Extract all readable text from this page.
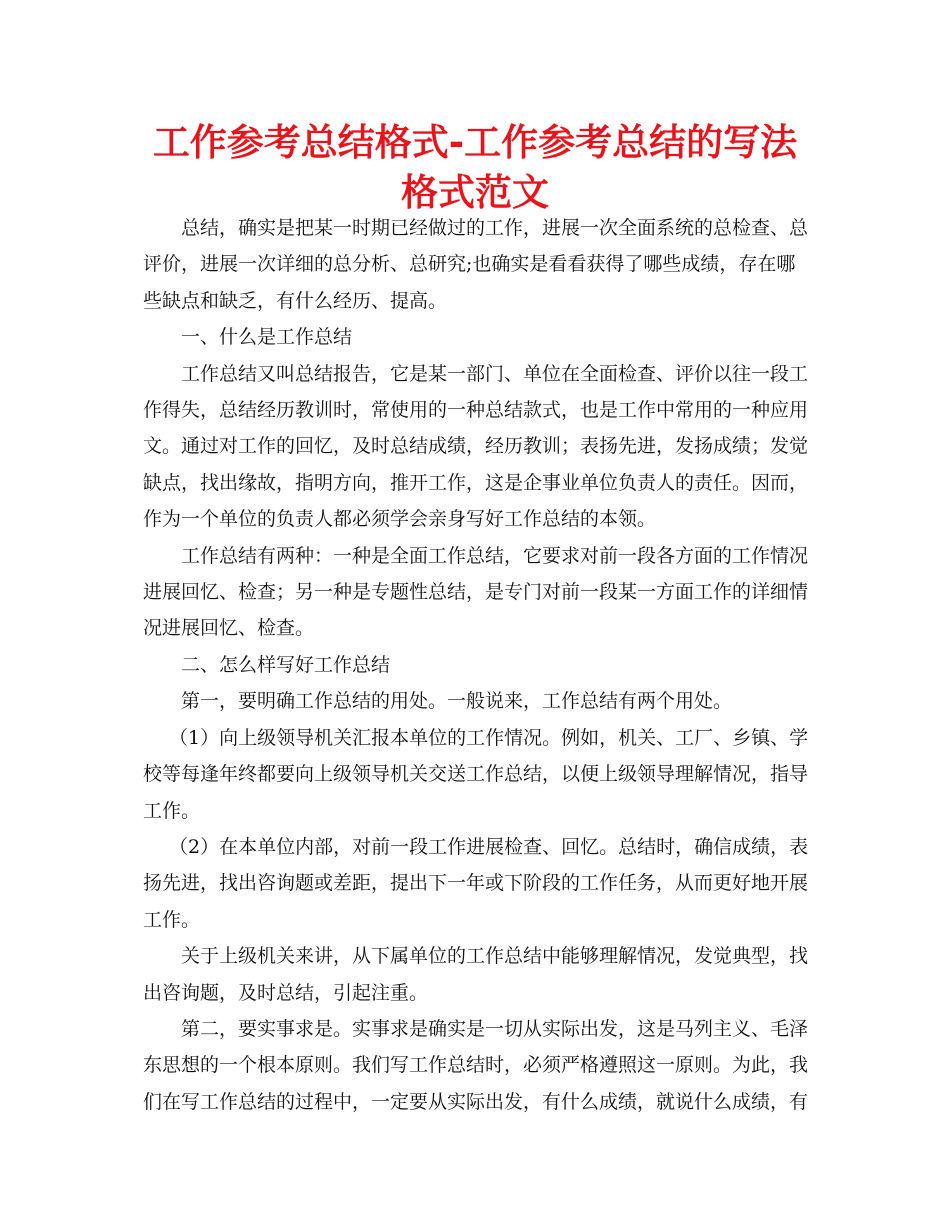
工作参考总结格式-工作参考总结的写法格式范文

总结，确实是把某一时期已经做过的工作，进展一次全面系统的总检查、总评价，进展一次详细的总分析、总研究;也确实是看看获得了哪些成绩，存在哪些缺点和缺乏，有什么经历、提高。

一、什么是工作总结

工作总结又叫总结报告，它是某一部门、单位在全面检查、评价以往一段工作得失，总结经历教训时，常使用的一种总结款式，也是工作中常用的一种应用文。通过对工作的回忆，及时总结成绩，经历教训；表扬先进，发扬成绩；发觉缺点，找出缘故，指明方向，推开工作，这是企事业单位负责人的责任。因而，作为一个单位的负责人都必须学会亲身写好工作总结的本领。

工作总结有两种：一种是全面工作总结，它要求对前一段各方面的工作情况进展回忆、检查；另一种是专题性总结，是专门对前一段某一方面工作的详细情况进展回忆、检查。

二、怎么样写好工作总结

第一，要明确工作总结的用处。一般说来，工作总结有两个用处。

（1）向上级领导机关汇报本单位的工作情况。例如，机关、工厂、乡镇、学校等每逢年终都要向上级领导机关交送工作总结，以便上级领导理解情况，指导工作。

（2）在本单位内部，对前一段工作进展检查、回忆。总结时，确信成绩，表扬先进，找出咨询题或差距，提出下一年或下阶段的工作任务，从而更好地开展工作。

关于上级机关来讲，从下属单位的工作总结中能够理解情况，发觉典型，找出咨询题，及时总结，引起注重。

第二，要实事求是。实事求是确实是一切从实际出发，这是马列主义、毛泽东思想的一个根本原则。我们写工作总结时，必须严格遵照这一原则。为此，我们在写工作总结的过程中，一定要从实际出发，有什么成绩，就说什么成绩，有
